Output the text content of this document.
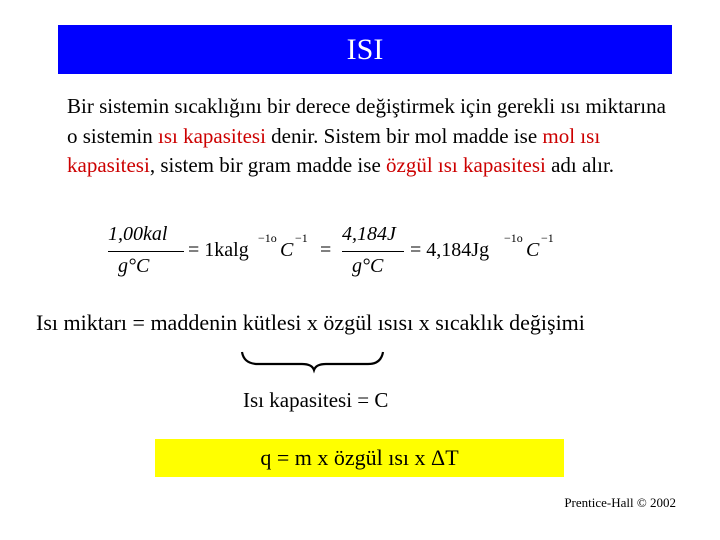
ISI
Bir sistemin sıcaklığını bir derece değiştirmek için gerekli ısı miktarına o sistemin ısı kapasitesi denir. Sistem bir mol madde ise mol ısı kapasitesi, sistem bir gram madde ise özgül ısı kapasitesi adı alır.
1,00kal
g°C
= 1kalg
−1o
C
−1
=
4,184J
g°C
= 4,184Jg
−1o
C
−1
Isı miktarı = maddenin kütlesi x özgül ısısı x sıcaklık değişimi
Isı kapasitesi = C
q = m x özgül ısı x ΔT
Prentice-Hall © 2002
